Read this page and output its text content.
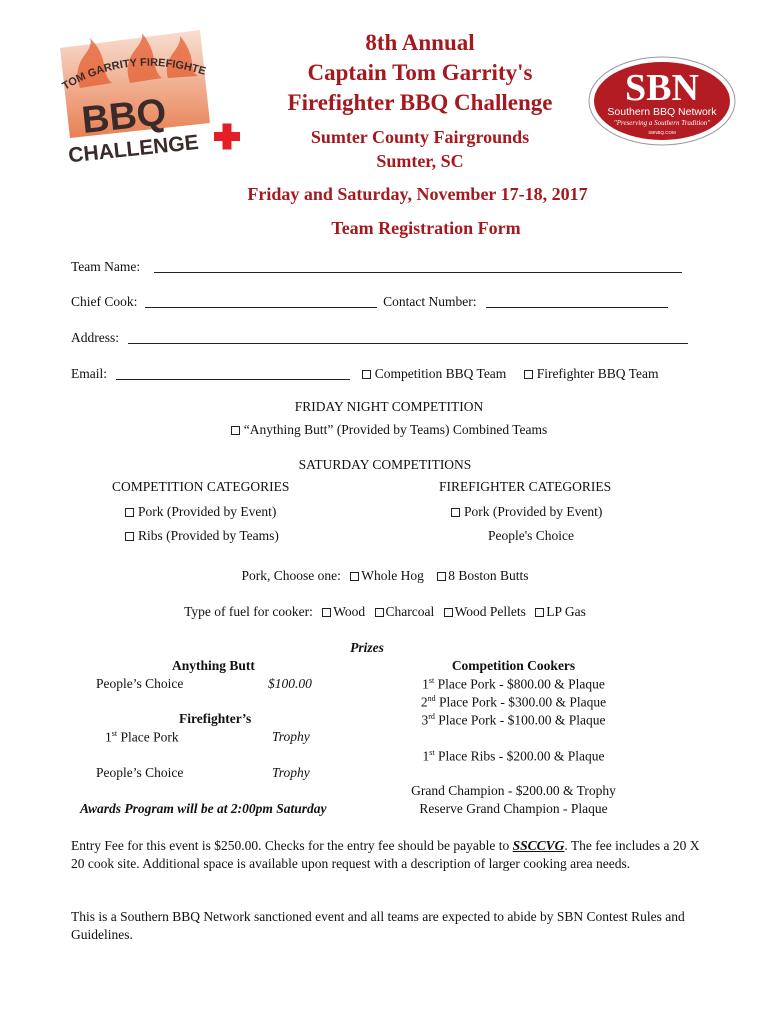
TOM GARRITY FIREFIGHTE
BBQ
CHALLENGE
SBN
Southern BBQ Network
"Preserving a Southern Tradition"
SBNBQ.COM
8th Annual
Captain Tom Garrity's
Firefighter BBQ Challenge
Sumter County Fairgrounds
Sumter, SC
Friday and Saturday, November 17-18, 2017
Team Registration Form
Team Name:
Chief Cook:	Contact Number:
Address:
Email:	Competition BBQ Team Firefighter BBQ Team
FRIDAY NIGHT COMPETITION
“Anything Butt” (Provided by Teams) Combined Teams
SATURDAY COMPETITIONS
COMPETITION CATEGORIES	FIREFIGHTER CATEGORIES
Pork (Provided by Event)
Ribs (Provided by Teams)
Pork (Provided by Event)
People's Choice
Pork, Choose one: Whole Hog 8 Boston Butts
Type of fuel for cooker: Wood Charcoal Wood Pellets LP Gas
Prizes
Anything Butt
People’s Choice	$100.00
Firefighter’s
1st Place Pork	Trophy
People’s Choice	Trophy
Awards Program will be at 2:00pm Saturday
Competition Cookers
1st Place Pork - $800.00 & Plaque
2nd Place Pork - $300.00 & Plaque
3rd Place Pork - $100.00 & Plaque
1st Place Ribs - $200.00 & Plaque
Grand Champion - $200.00 & Trophy
Reserve Grand Champion - Plaque
Entry Fee for this event is $250.00. Checks for the entry fee should be payable to SSCCVG. The fee includes a 20 X 20 cook site. Additional space is available upon request with a description of larger cooking area needs.
This is a Southern BBQ Network sanctioned event and all teams are expected to abide by SBN Contest Rules and Guidelines.
